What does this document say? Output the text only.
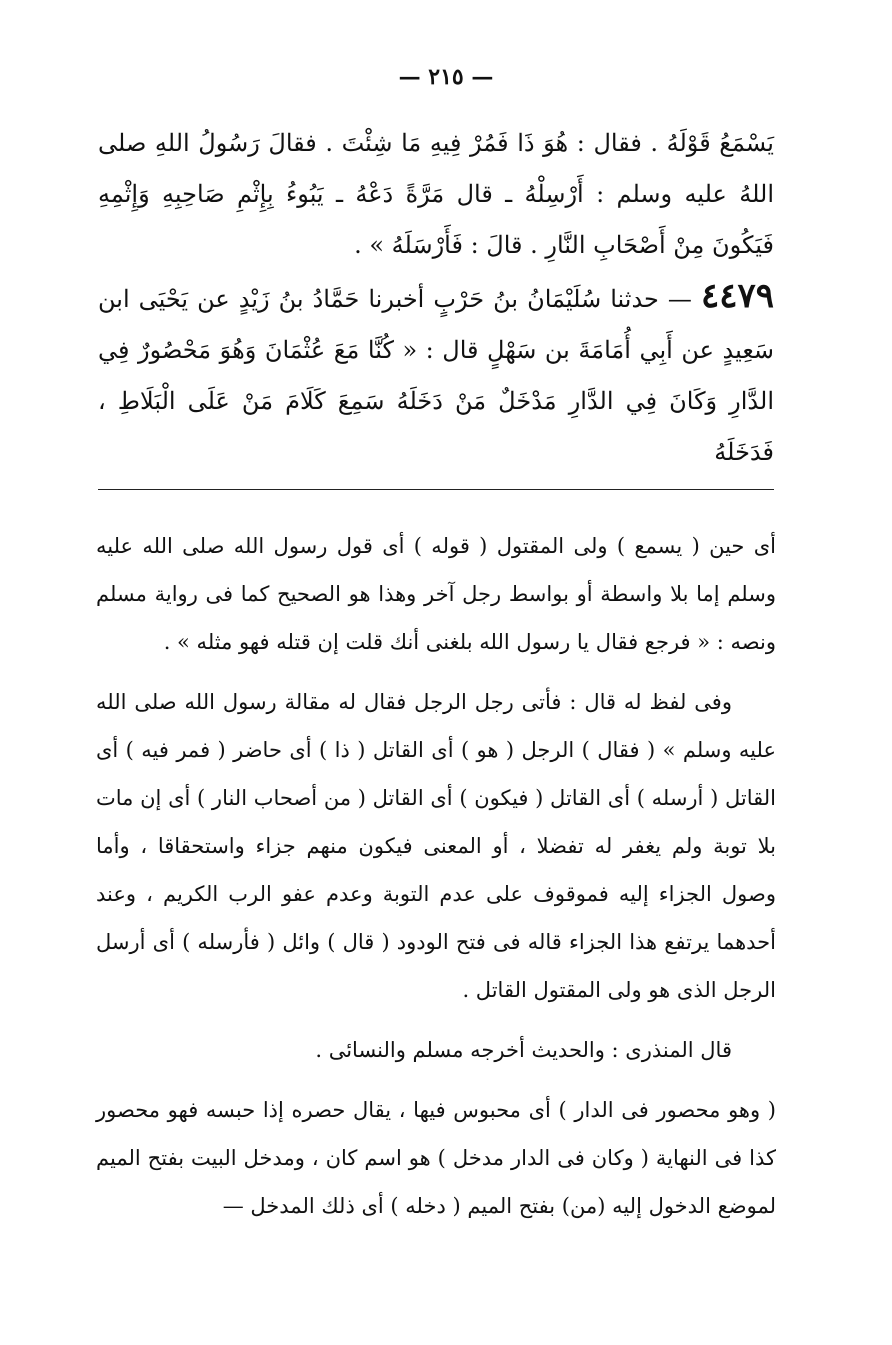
— ٢١٥ —

يَسْمَعُ قَوْلَهُ . فقال : هُوَ ذَا فَمُرْ فِيهِ مَا شِئْتَ . فقالَ رَسُولُ اللهِ صلى اللهُ عليه وسلم : أَرْسِلْهُ ـ قال مَرَّةً دَعْهُ ـ يَبُوءُ بِإِثْمِ صَاحِبِهِ وَإِثْمِهِ فَيَكُونَ مِنْ أَصْحَابِ النَّارِ . قالَ : فَأَرْسَلَهُ » .

٤٤٧٩ — حدثنا سُلَيْمَانُ بنُ حَرْبٍ أخبرنا حَمَّادُ بنُ زَيْدٍ عن يَحْيَى ابن سَعِيدٍ عن أَبِي أُمَامَةَ بن سَهْلٍ قال : « كُنَّا مَعَ عُثْمَانَ وَهُوَ مَحْصُورٌ فِي الدَّارِ وَكَانَ فِي الدَّارِ مَدْخَلٌ مَنْ دَخَلَهُ سَمِعَ كَلَامَ مَنْ عَلَى الْبَلَاطِ ، فَدَخَلَهُ

أى حين ( يسمع ) ولى المقتول ( قوله ) أى قول رسول الله صلى الله عليه وسلم إما بلا واسطة أو بواسط رجل آخر وهذا هو الصحيح كما فى رواية مسلم ونصه : « فرجع فقال يا رسول الله بلغنى أنك قلت إن قتله فهو مثله » .

وفى لفظ له قال : فأتى رجل الرجل فقال له مقالة رسول الله صلى الله عليه وسلم » ( فقال ) الرجل ( هو ) أى القاتل ( ذا ) أى حاضر ( فمر فيه ) أى القاتل ( أرسله ) أى القاتل ( فيكون ) أى القاتل ( من أصحاب النار ) أى إن مات بلا توبة ولم يغفر له تفضلا ، أو المعنى فيكون منهم جزاء واستحقاقا ، وأما وصول الجزاء إليه فموقوف على عدم التوبة وعدم عفو الرب الكريم ، وعند أحدهما يرتفع هذا الجزاء قاله فى فتح الودود ( قال ) وائل ( فأرسله ) أى أرسل الرجل الذى هو ولى المقتول القاتل .

قال المنذرى : والحديث أخرجه مسلم والنسائى .

( وهو محصور فى الدار ) أى محبوس فيها ، يقال حصره إذا حبسه فهو محصور كذا فى النهاية ( وكان فى الدار مدخل ) هو اسم كان ، ومدخل البيت بفتح الميم لموضع الدخول إليه (من) بفتح الميم ( دخله ) أى ذلك المدخل —
